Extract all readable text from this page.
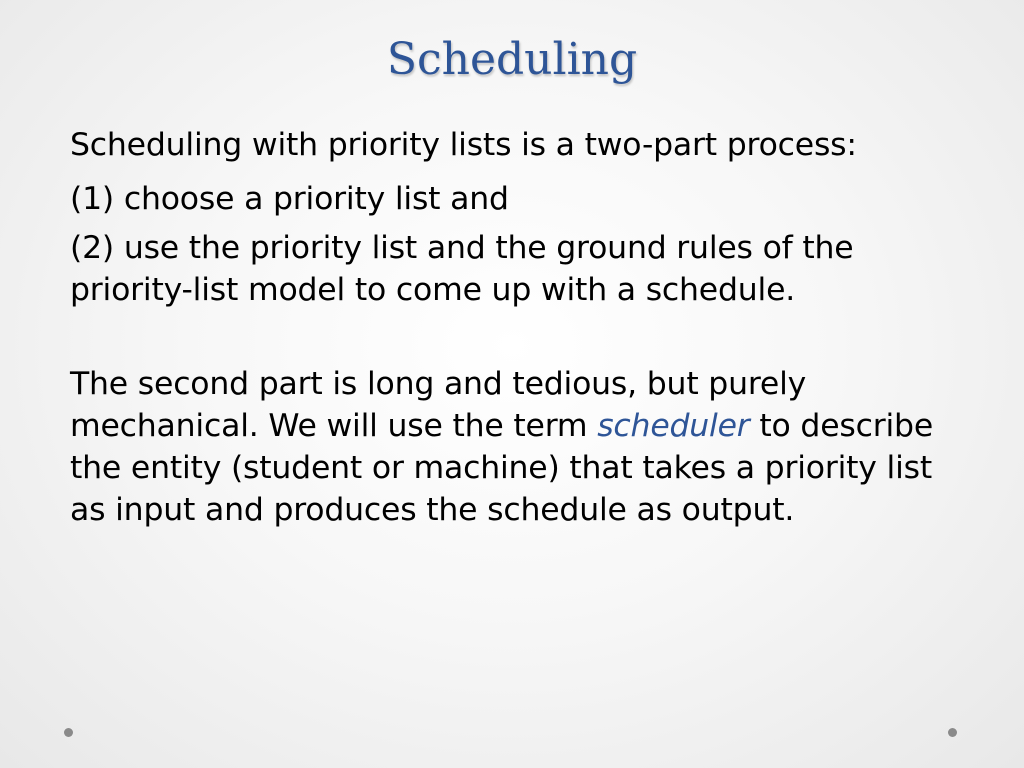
Scheduling

Scheduling with priority lists is a two-part process:

(1) choose a priority list and

(2) use the priority list and the ground rules of the priority-list model to come up with a schedule.

The second part is long and tedious, but purely mechanical. We will use the term scheduler to describe the entity (student or machine) that takes a priority list as input and produces the schedule as output.
